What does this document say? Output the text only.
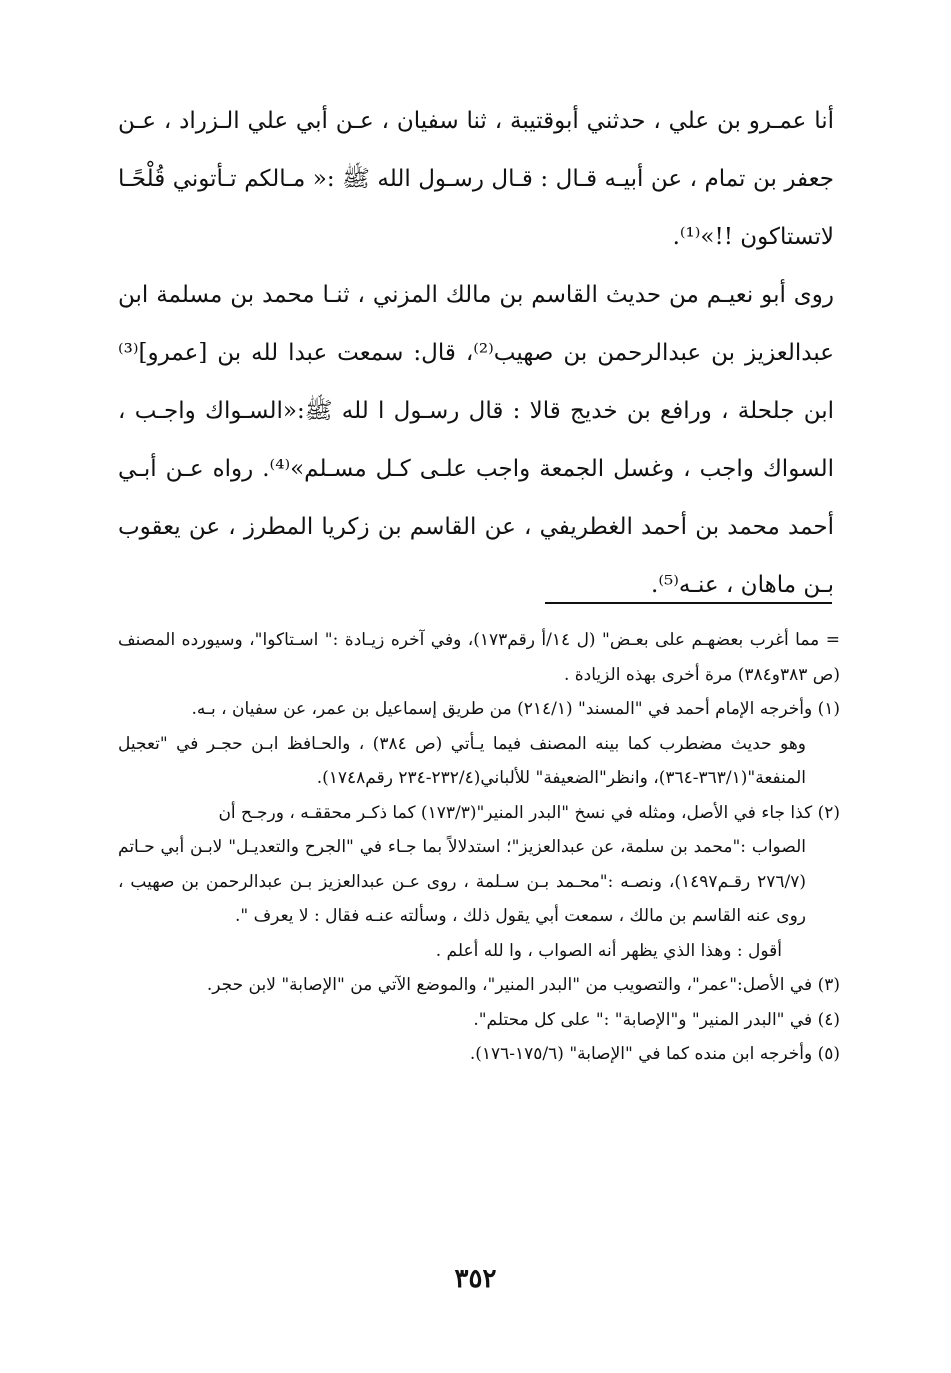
أنا عمـرو بن علي ، حدثني أبوقتيبة ، ثنا سفيان ، عـن أبي علي الـزراد ، عـن جعفر بن تمام ، عن أبيـه قـال : قـال رسـول الله ﷺ :« مـالكم تـأتوني قُلْحًـا لاتستاكون !!»⁽¹⁾.

روى أبو نعيـم من حديث القاسم بن مالك المزني ، ثنـا محمد بن مسلمة ابن عبدالعزيز بن عبدالرحمن بن صهيب⁽²⁾، قال: سمعت عبدا لله بن [عمرو]⁽³⁾ ابن جلحلة ، ورافع بن خديج قالا : قال رسـول ا لله ﷺ:«السـواك واجـب ، السواك واجب ، وغسل الجمعة واجب علـى كـل مسـلم»⁽⁴⁾. رواه عـن أبـي أحمد محمد بن أحمد الغطريفي ، عن القاسم بن زكريا المطرز ، عن يعقوب بـن ماهان ، عنـه⁽⁵⁾.

= مما أغرب بعضهـم على بعـض" (ل ١٤/أ رقم١٧٣)، وفي آخره زيـادة :" اسـتاكوا"، وسيورده المصنف (ص ٣٨٣و٣٨٤) مرة أخرى بهذه الزيادة .

(١) وأخرجه الإمام أحمد في "المسند" (٢١٤/١) من طريق إسماعيل بن عمر، عن سفيان ، بـه.

وهو حديث مضطرب كما بينه المصنف فيما يـأتي (ص ٣٨٤) ، والحـافظ ابـن حجـر في "تعجيل المنفعة"(٣٦٣/١-٣٦٤)، وانظر"الضعيفة" للألباني(٢٣٢/٤-٢٣٤ رقم١٧٤٨).

(٢) كذا جاء في الأصل، ومثله في نسخ "البدر المنير"(١٧٣/٣) كما ذكـر محققـه ، ورجـح أن

الصواب :"محمد بن سلمة، عن عبدالعزيز"؛ استدلالاً بما جـاء في "الجرح والتعديـل" لابـن أبي حـاتم (٢٧٦/٧ رقـم١٤٩٧)، ونصـه :"محـمد بـن سـلمة ، روى عـن عبدالعزيز بـن عبدالرحمن بن صهيب ، روى عنه القاسم بن مالك ، سمعت أبي يقول ذلك ، وسألته عنـه فقال : لا يعرف ".

أقول : وهذا الذي يظهر أنه الصواب ، وا لله أعلم .

(٣) في الأصل:"عمر"، والتصويب من "البدر المنير"، والموضع الآتي من "الإصابة" لابن حجر.

(٤) في "البدر المنير" و"الإصابة" :" على كل محتلم".

(٥) وأخرجه ابن منده كما في "الإصابة" (١٧٥/٦-١٧٦).

٣٥٢
